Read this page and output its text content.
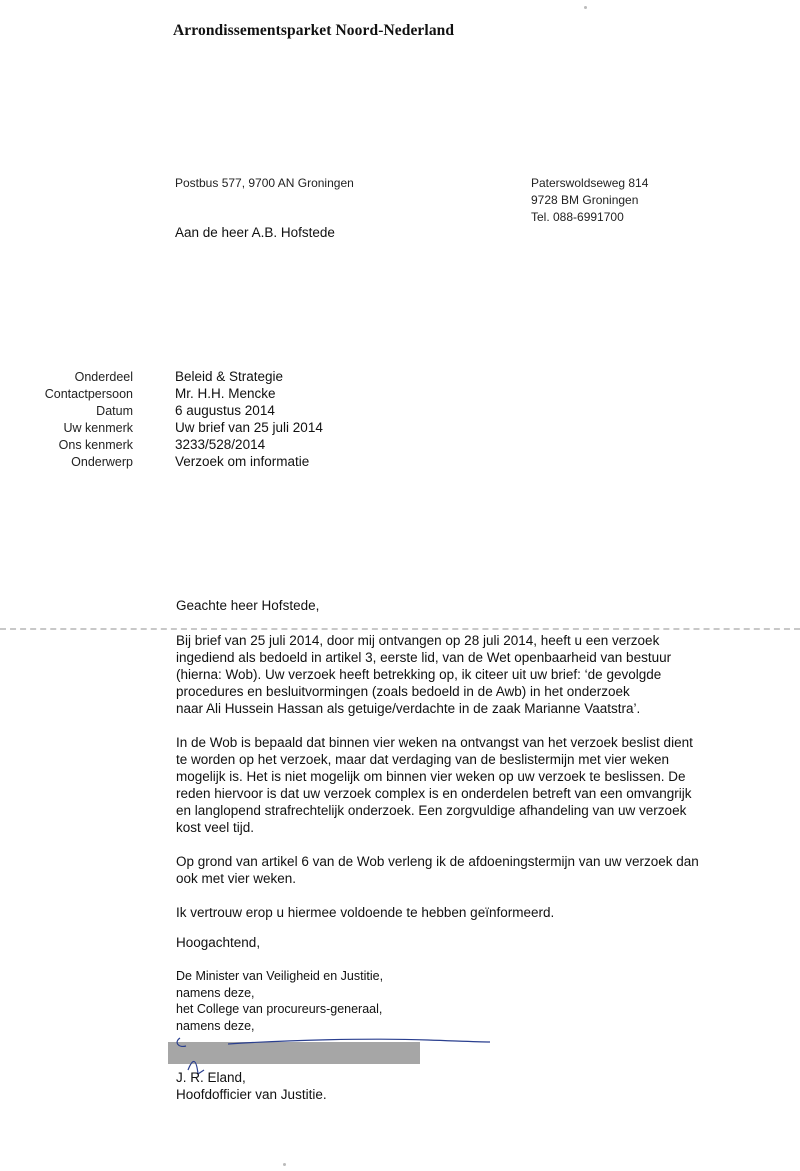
Arrondissementsparket Noord-Nederland
Postbus 577, 9700 AN Groningen	Paterswoldseweg 814
9728 BM Groningen
Tel. 088-6991700
Aan de heer A.B. Hofstede
Onderdeel
Contactpersoon
Datum
Uw kenmerk
Ons kenmerk
Onderwerp
Beleid & Strategie
Mr. H.H. Mencke
6 augustus 2014
Uw brief van 25 juli 2014
3233/528/2014
Verzoek om informatie
Geachte heer Hofstede,

Bij brief van 25 juli 2014, door mij ontvangen op 28 juli 2014, heeft u een verzoek
ingediend als bedoeld in artikel 3, eerste lid, van de Wet openbaarheid van bestuur
(hierna: Wob). Uw verzoek heeft betrekking op, ik citeer uit uw brief: ‘de gevolgde
procedures en besluitvormingen (zoals bedoeld in de Awb) in het onderzoek
naar Ali Hussein Hassan als getuige/verdachte in de zaak Marianne Vaatstra’.

In de Wob is bepaald dat binnen vier weken na ontvangst van het verzoek beslist dient
te worden op het verzoek, maar dat verdaging van de beslistermijn met vier weken
mogelijk is. Het is niet mogelijk om binnen vier weken op uw verzoek te beslissen. De
reden hiervoor is dat uw verzoek complex is en onderdelen betreft van een omvangrijk
en langlopend strafrechtelijk onderzoek. Een zorgvuldige afhandeling van uw verzoek
kost veel tijd.

Op grond van artikel 6 van de Wob verleng ik de afdoeningstermijn van uw verzoek dan
ook met vier weken.

Ik vertrouw erop u hiermee voldoende te hebben geïnformeerd.

Hoogachtend,
De Minister van Veiligheid en Justitie,
namens deze,
het College van procureurs-generaal,
namens deze,
J. R. Eland,
Hoofdofficier van Justitie.
